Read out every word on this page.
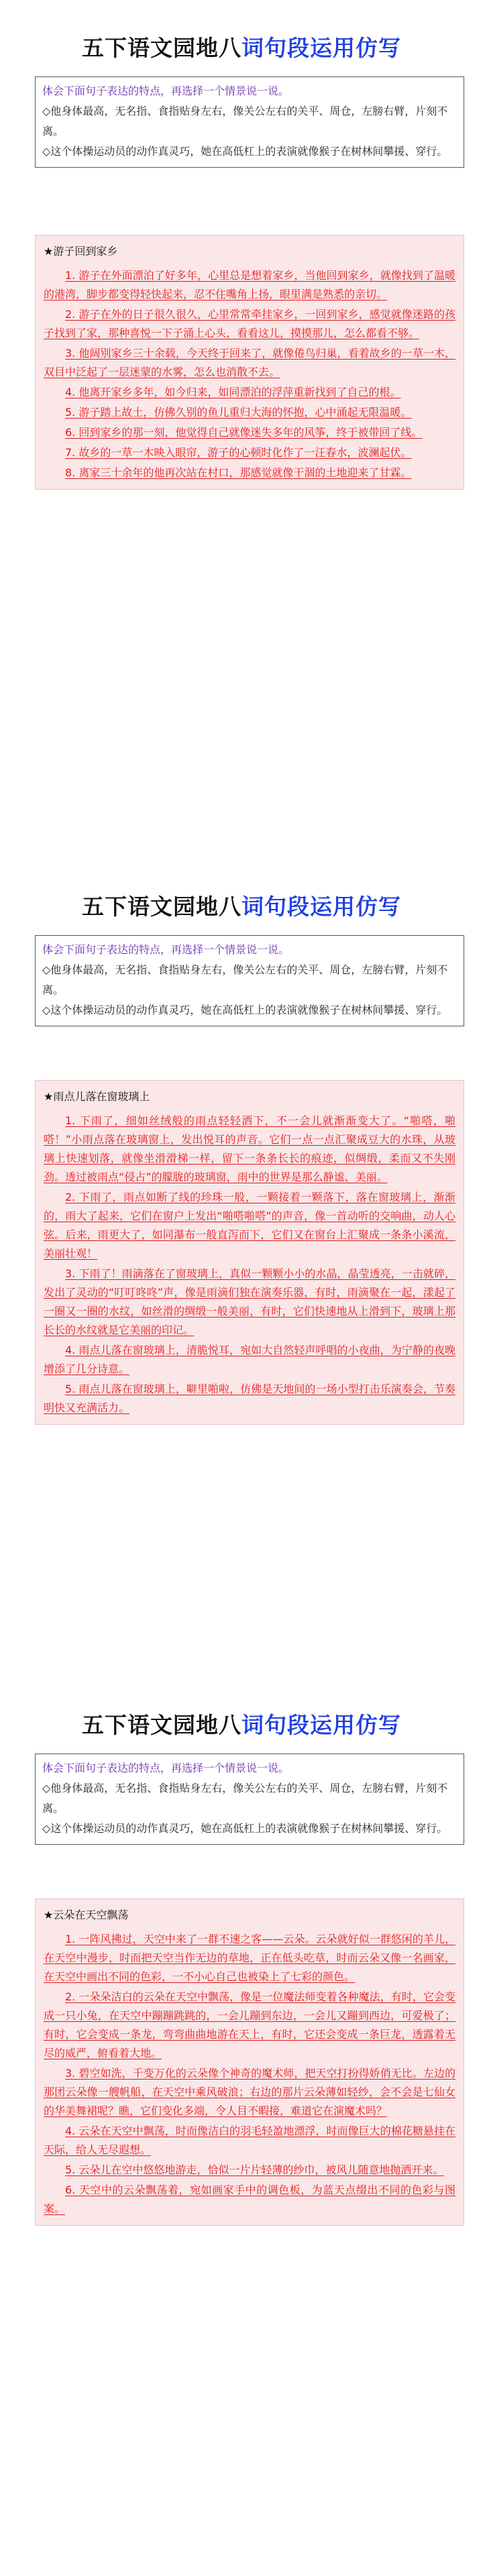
五下语文园地八词句段运用仿写
体会下面句子表达的特点，再选择一个情景说一说。
◇他身体最高，无名指、食指贴身左右，像关公左右的关平、周仓，左膀右臂，片刻不离。
◇这个体操运动员的动作真灵巧，她在高低杠上的表演就像猴子在树林间攀援、穿行。
★游子回到家乡

1. 游子在外面漂泊了好多年，心里总是想着家乡，当他回到家乡，就像找到了温暖的港湾，脚步都变得轻快起来，忍不住嘴角上扬，眼里满是熟悉的亲切。

2. 游子在外的日子很久很久，心里常常牵挂家乡，一回到家乡，感觉就像迷路的孩子找到了家，那种喜悦一下子涌上心头，看看这儿，摸摸那儿，怎么都看不够。

3. 他阔别家乡三十余载，今天终于回来了，就像倦鸟归巢，看着故乡的一草一木，双目中泛起了一层迷蒙的水雾，怎么也消散不去。

4. 他离开家乡多年，如今归来，如同漂泊的浮萍重新找到了自己的根。

5. 游子踏上故土，仿佛久别的鱼儿重归大海的怀抱，心中涌起无限温暖。

6. 回到家乡的那一刻，他觉得自己就像迷失多年的风筝，终于被带回了线。

7. 故乡的一草一木映入眼帘，游子的心顿时化作了一汪春水，波澜起伏。

8. 离家三十余年的他再次站在村口，那感觉就像干涸的土地迎来了甘霖。

五下语文园地八词句段运用仿写
体会下面句子表达的特点，再选择一个情景说一说。
◇他身体最高，无名指、食指贴身左右，像关公左右的关平、周仓，左膀右臂，片刻不离。
◇这个体操运动员的动作真灵巧，她在高低杠上的表演就像猴子在树林间攀援、穿行。
★雨点儿落在窗玻璃上

1. 下雨了，细如丝绒般的雨点轻轻洒下，不一会儿就渐渐变大了。“啪嗒，啪嗒！”小雨点落在玻璃窗上，发出悦耳的声音。它们一点一点汇聚成豆大的水珠，从玻璃上快速划落，就像坐滑滑梯一样，留下一条条长长的痕迹，似绸缎，柔而又不失刚劲。透过被雨点“侵占”的朦胧的玻璃窗，雨中的世界是那么静谧、美丽。

2. 下雨了，雨点如断了线的珍珠一般，一颗接着一颗落下，落在窗玻璃上，渐渐的，雨大了起来，它们在窗户上发出“啪嗒啪嗒”的声音，像一首动听的交响曲，动人心弦。后来，雨更大了，如同瀑布一般直泻而下，它们又在窗台上汇聚成一条条小溪流，美丽壮观！

3. 下雨了！雨滴落在了窗玻璃上，真似一颗颗小小的水晶，晶莹透亮，一击就碎，发出了灵动的“叮叮咚咚”声，像是雨滴们独在演奏乐器，有时，雨滴聚在一起，漾起了一圈又一圈的水纹，如丝滑的绸缎一般美丽，有时，它们快速地从上滑到下，玻璃上那长长的水纹就是它美丽的印记。

4. 雨点儿落在窗玻璃上，清脆悦耳，宛如大自然轻声呼唱的小夜曲，为宁静的夜晚增添了几分诗意。

5. 雨点儿落在窗玻璃上，噼里啪啦，仿佛是天地间的一场小型打击乐演奏会，节奏明快又充满活力。

五下语文园地八词句段运用仿写
体会下面句子表达的特点，再选择一个情景说一说。
◇他身体最高，无名指、食指贴身左右，像关公左右的关平、周仓，左膀右臂，片刻不离。
◇这个体操运动员的动作真灵巧，她在高低杠上的表演就像猴子在树林间攀援、穿行。
★云朵在天空飘荡

1. 一阵风拂过，天空中来了一群不速之客——云朵。云朵就好似一群悠闲的羊儿，在天空中漫步，时而把天空当作无边的草地，正在低头吃草，时而云朵又像一名画家，在天空中画出不同的色彩，一不小心自己也被染上了七彩的颜色。

2. 一朵朵洁白的云朵在天空中飘荡，像是一位魔法师变着各种魔法，有时，它会变成一只小兔，在天空中蹦蹦跳跳的，一会儿蹦到东边，一会儿又蹦到西边，可爱极了；有时，它会变成一条龙，弯弯曲曲地游在天上，有时，它还会变成一条巨龙，透露着无尽的威严，俯看着大地。

3. 碧空如洗，千变万化的云朵像个神奇的魔术师，把天空打扮得娇俏无比。左边的那团云朵像一艘帆船，在天空中乘风破浪；右边的那片云朵薄如轻纱，会不会是七仙女的华美舞裙呢？瞧，它们变化多端，令人目不暇接，难道它在演魔术吗？

4. 云朵在天空中飘荡，时而像洁白的羽毛轻盈地漂浮，时而像巨大的棉花糖悬挂在天际，给人无尽遐想。

5. 云朵儿在空中悠悠地游走，恰似一片片轻薄的纱巾，被风儿随意地抛洒开来。

6. 天空中的云朵飘荡着，宛如画家手中的调色板，为蓝天点缀出不同的色彩与图案。
